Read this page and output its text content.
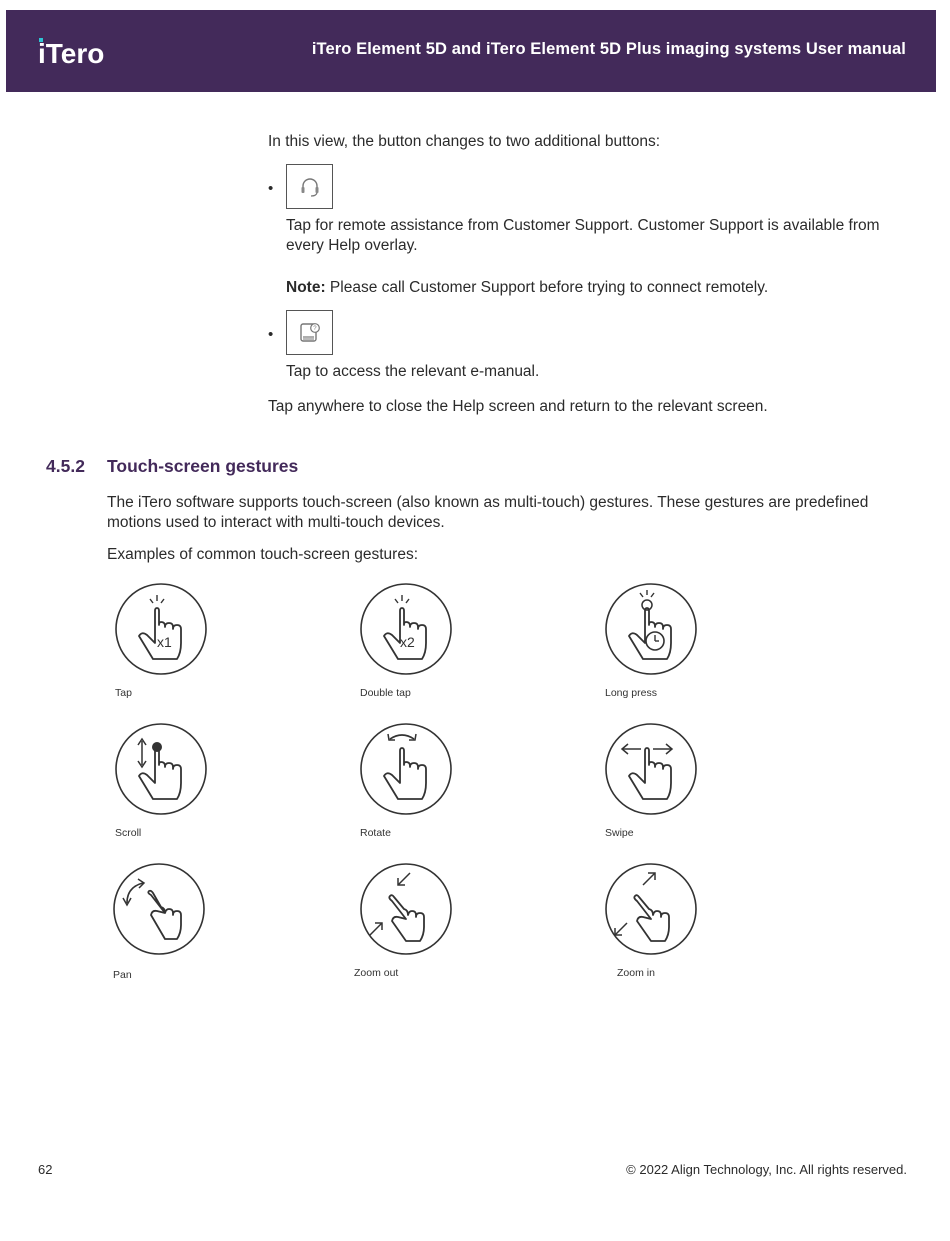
iTero	iTero Element 5D and iTero Element 5D Plus imaging systems User manual

In this view, the button changes to two additional buttons:

•

Tap for remote assistance from Customer Support. Customer Support is available from every Help overlay.

Note: Please call Customer Support before trying to connect remotely.

•	?

Tap to access the relevant e-manual.

Tap anywhere to close the Help screen and return to the relevant screen.

4.5.2 Touch-screen gestures

The iTero software supports touch-screen (also known as multi-touch) gestures. These gestures are predefined motions used to interact with multi-touch devices.

Examples of common touch-screen gestures:

x1
Tap
x2
Double tap	Long press
Scroll	Rotate	Swipe
Pan	Zoom out	Zoom in
62	© 2022 Align Technology, Inc. All rights reserved.
